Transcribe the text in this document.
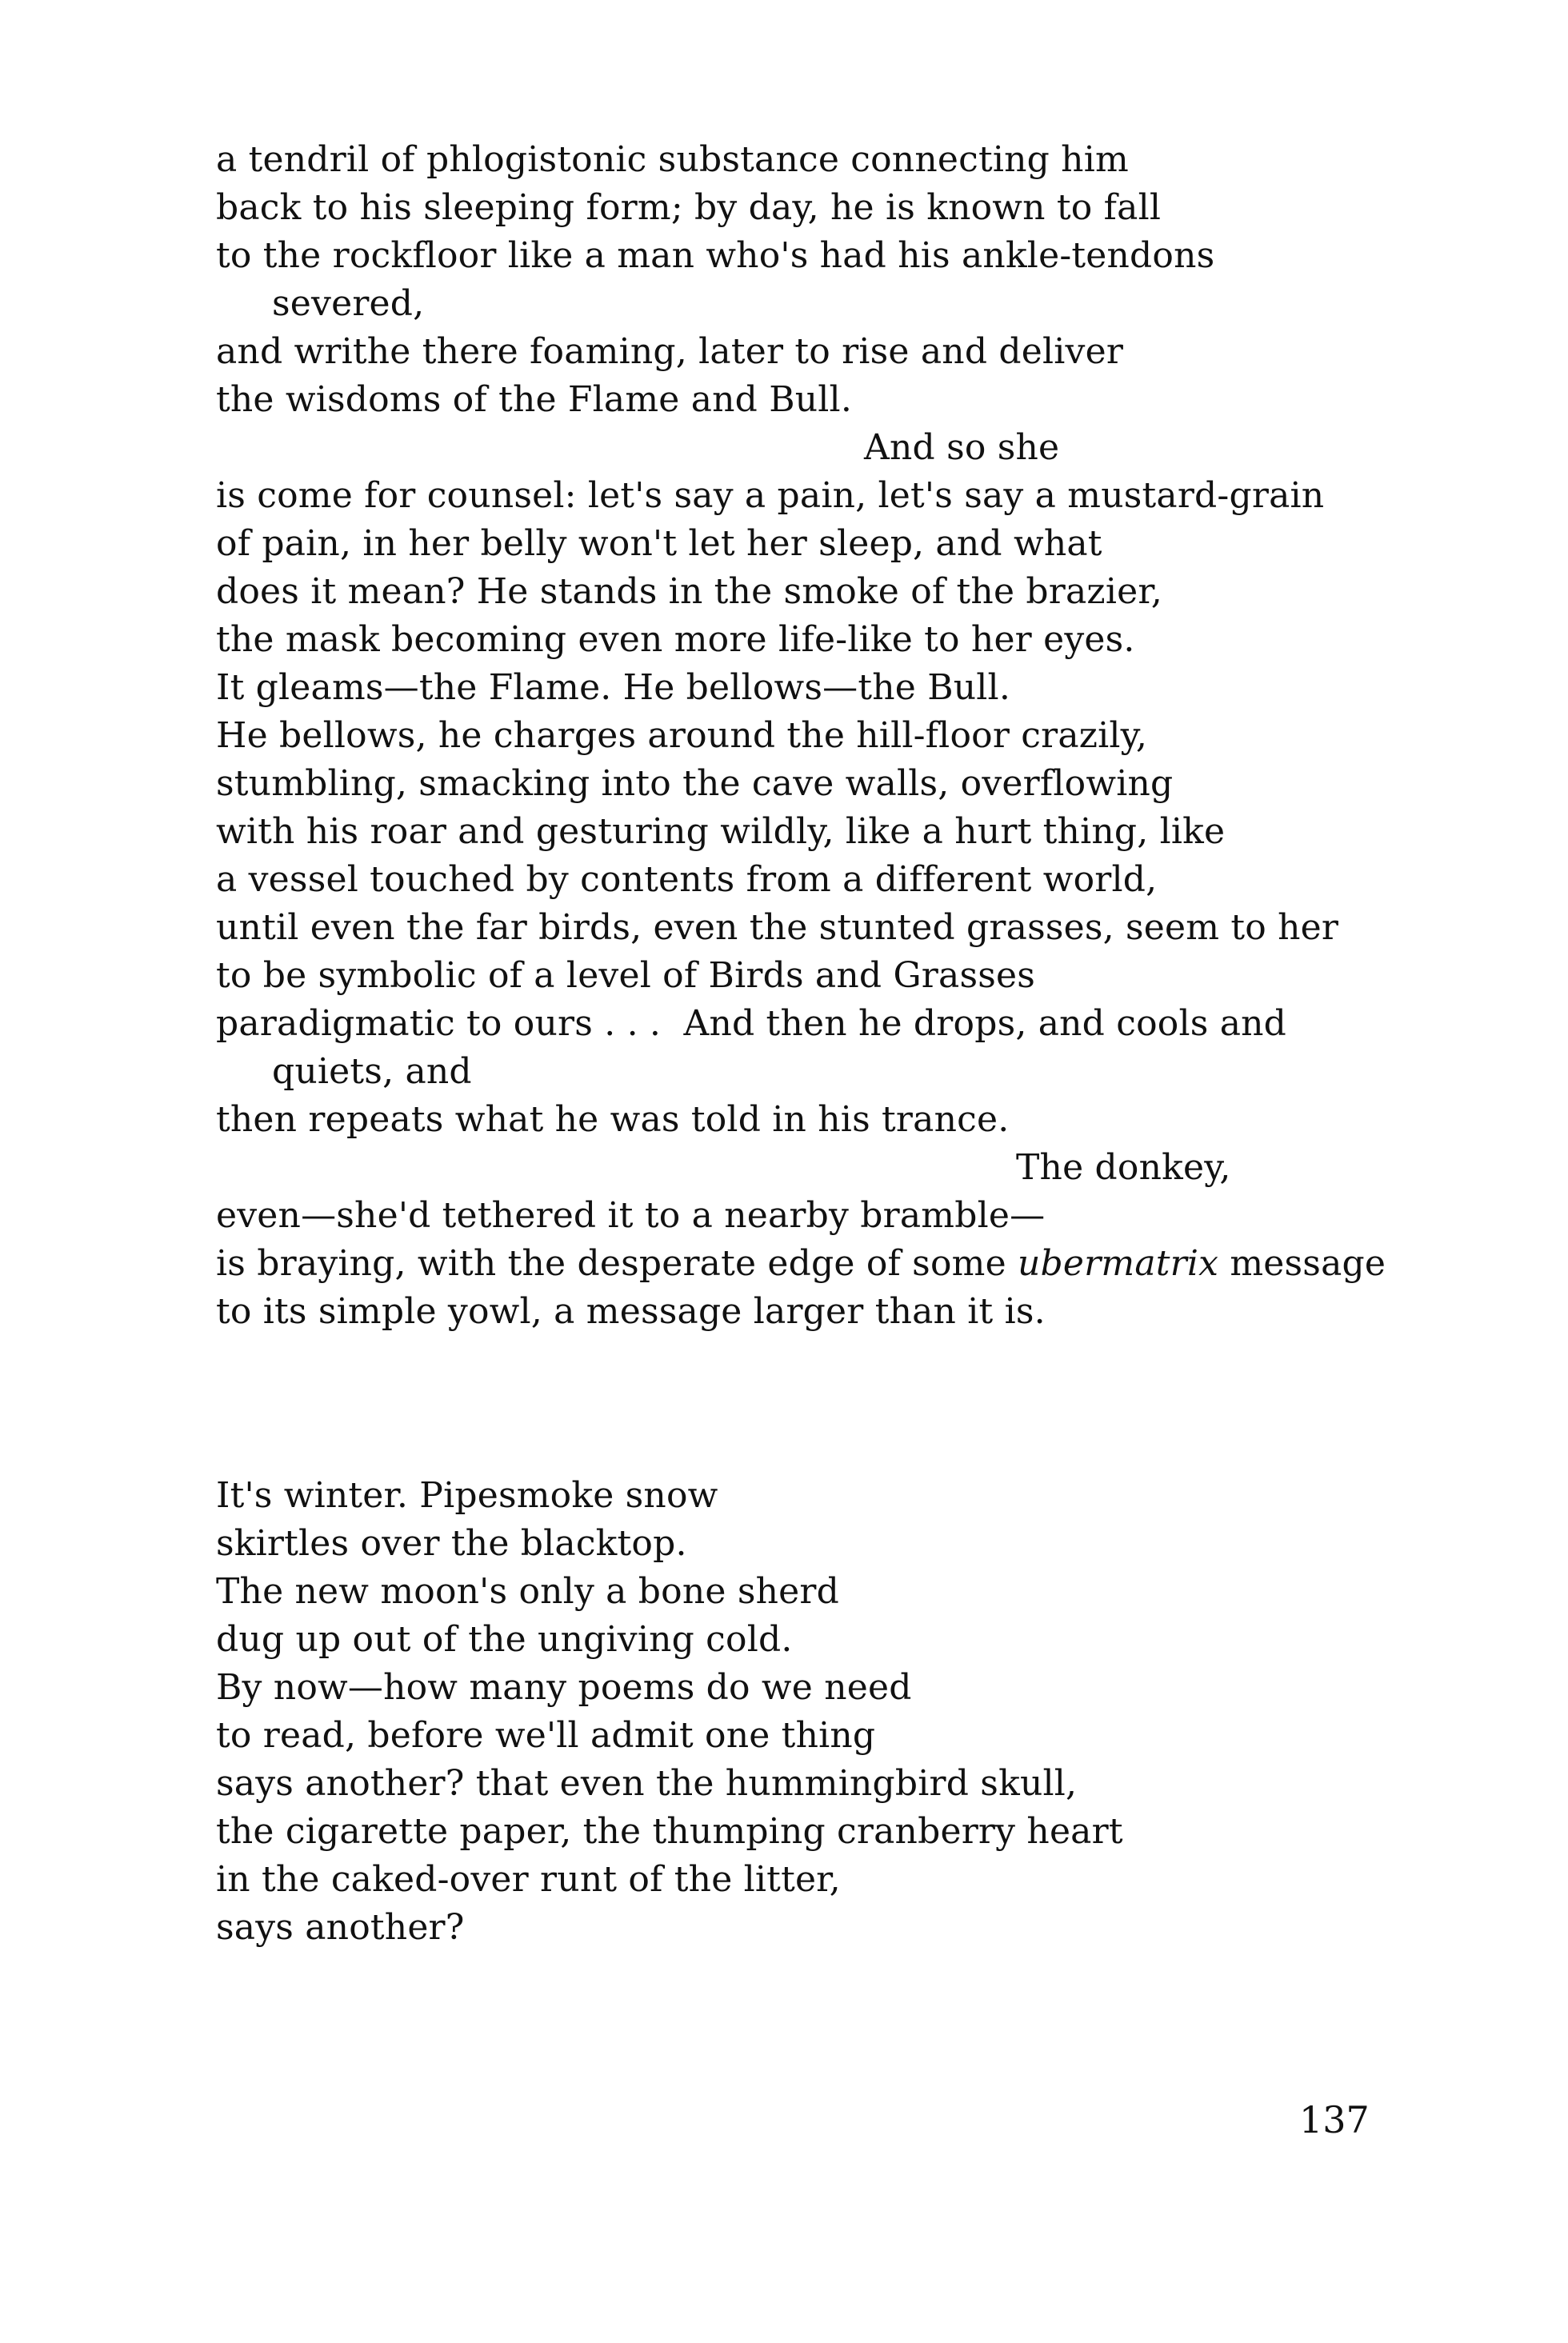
a tendril of phlogistonic substance connecting him
back to his sleeping form; by day, he is known to fall
to the rockfloor like a man who's had his ankle-tendons
severed,
and writhe there foaming, later to rise and deliver
the wisdoms of the Flame and Bull.
And so she
is come for counsel: let's say a pain, let's say a mustard-grain
of pain, in her belly won't let her sleep, and what
does it mean? He stands in the smoke of the brazier,
the mask becoming even more life-like to her eyes.
It gleams—the Flame. He bellows—the Bull.
He bellows, he charges around the hill-floor crazily,
stumbling, smacking into the cave walls, overflowing
with his roar and gesturing wildly, like a hurt thing, like
a vessel touched by contents from a different world,
until even the far birds, even the stunted grasses, seem to her
to be symbolic of a level of Birds and Grasses
paradigmatic to ours . . .  And then he drops, and cools and
quiets, and
then repeats what he was told in his trance.
The donkey,
even—she'd tethered it to a nearby bramble—
is braying, with the desperate edge of some ubermatrix message
to its simple yowl, a message larger than it is.
It's winter. Pipesmoke snow
skirtles over the blacktop.
The new moon's only a bone sherd
dug up out of the ungiving cold.
By now—how many poems do we need
to read, before we'll admit one thing
says another? that even the hummingbird skull,
the cigarette paper, the thumping cranberry heart
in the caked-over runt of the litter,
says another?

137
